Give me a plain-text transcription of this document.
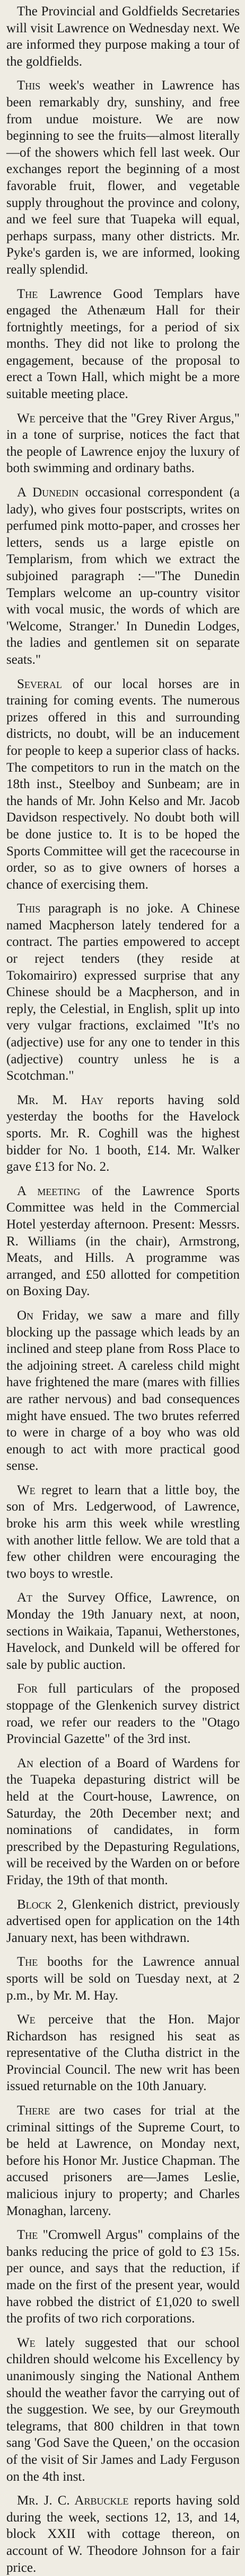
The Provincial and Goldfields Secretaries will visit Lawrence on Wednesday next. We are informed they purpose making a tour of the goldfields.

This week's weather in Lawrence has been remarkably dry, sunshiny, and free from undue moisture. We are now beginning to see the fruits—almost literally—of the showers which fell last week. Our exchanges report the beginning of a most favorable fruit, flower, and vegetable supply throughout the province and colony, and we feel sure that Tuapeka will equal, perhaps surpass, many other districts. Mr. Pyke's garden is, we are informed, looking really splendid.

The Lawrence Good Templars have engaged the Athenæum Hall for their fortnightly meetings, for a period of six months. They did not like to prolong the engagement, because of the proposal to erect a Town Hall, which might be a more suitable meeting place.

We perceive that the "Grey River Argus," in a tone of surprise, notices the fact that the people of Lawrence enjoy the luxury of both swimming and ordinary baths.

A Dunedin occasional correspondent (a lady), who gives four postscripts, writes on perfumed pink motto-paper, and crosses her letters, sends us a large epistle on Templarism, from which we extract the subjoined paragraph :—"The Dunedin Templars welcome an up-country visitor with vocal music, the words of which are 'Welcome, Stranger.' In Dunedin Lodges, the ladies and gentlemen sit on separate seats."

Several of our local horses are in training for coming events. The numerous prizes offered in this and surrounding districts, no doubt, will be an inducement for people to keep a superior class of hacks. The competitors to run in the match on the 18th inst., Steelboy and Sunbeam; are in the hands of Mr. John Kelso and Mr. Jacob Davidson respectively. No doubt both will be done justice to. It is to be hoped the Sports Committee will get the racecourse in order, so as to give owners of horses a chance of exercising them.

This paragraph is no joke. A Chinese named Macpherson lately tendered for a contract. The parties empowered to accept or reject tenders (they reside at Tokomairiro) expressed surprise that any Chinese should be a Macpherson, and in reply, the Celestial, in English, split up into very vulgar fractions, exclaimed "It's no (adjective) use for any one to tender in this (adjective) country unless he is a Scotchman."

Mr. M. Hay reports having sold yesterday the booths for the Havelock sports. Mr. R. Coghill was the highest bidder for No. 1 booth, £14. Mr. Walker gave £13 for No. 2.

A meeting of the Lawrence Sports Committee was held in the Commercial Hotel yesterday afternoon. Present: Messrs. R. Williams (in the chair), Armstrong, Meats, and Hills. A programme was arranged, and £50 allotted for competition on Boxing Day.

On Friday, we saw a mare and filly blocking up the passage which leads by an inclined and steep plane from Ross Place to the adjoining street. A careless child might have frightened the mare (mares with fillies are rather nervous) and bad consequences might have ensued. The two brutes referred to were in charge of a boy who was old enough to act with more practical good sense.

We regret to learn that a little boy, the son of Mrs. Ledgerwood, of Lawrence, broke his arm this week while wrestling with another little fellow. We are told that a few other children were encouraging the two boys to wrestle.

At the Survey Office, Lawrence, on Monday the 19th January next, at noon, sections in Waikaia, Tapanui, Wetherstones, Havelock, and Dunkeld will be offered for sale by public auction.

For full particulars of the proposed stoppage of the Glenkenich survey district road, we refer our readers to the "Otago Provincial Gazette" of the 3rd inst.

An election of a Board of Wardens for the Tuapeka depasturing district will be held at the Court-house, Lawrence, on Saturday, the 20th December next; and nominations of candidates, in form prescribed by the Depasturing Regulations, will be received by the Warden on or before Friday, the 19th of that month.

Block 2, Glenkenich district, previously advertised open for application on the 14th January next, has been withdrawn.

The booths for the Lawrence annual sports will be sold on Tuesday next, at 2 p.m., by Mr. M. Hay.

We perceive that the Hon. Major Richardson has resigned his seat as representative of the Clutha district in the Provincial Council. The new writ has been issued returnable on the 10th January.

There are two cases for trial at the criminal sittings of the Supreme Court, to be held at Lawrence, on Monday next, before his Honor Mr. Justice Chapman. The accused prisoners are—James Leslie, malicious injury to property; and Charles Monaghan, larceny.

The "Cromwell Argus" complains of the banks reducing the price of gold to £3 15s. per ounce, and says that the reduction, if made on the first of the present year, would have robbed the district of £1,020 to swell the profits of two rich corporations.

We lately suggested that our school children should welcome his Excellency by unanimously singing the National Anthem should the weather favor the carrying out of the suggestion. We see, by our Greymouth telegrams, that 800 children in that town sang 'God Save the Queen,' on the occasion of the visit of Sir James and Lady Ferguson on the 4th inst.

Mr. J. C. Arbuckle reports having sold during the week, sections 12, 13, and 14, block XXII with cottage thereon, on account of W. Theodore Johnson for a fair price.
